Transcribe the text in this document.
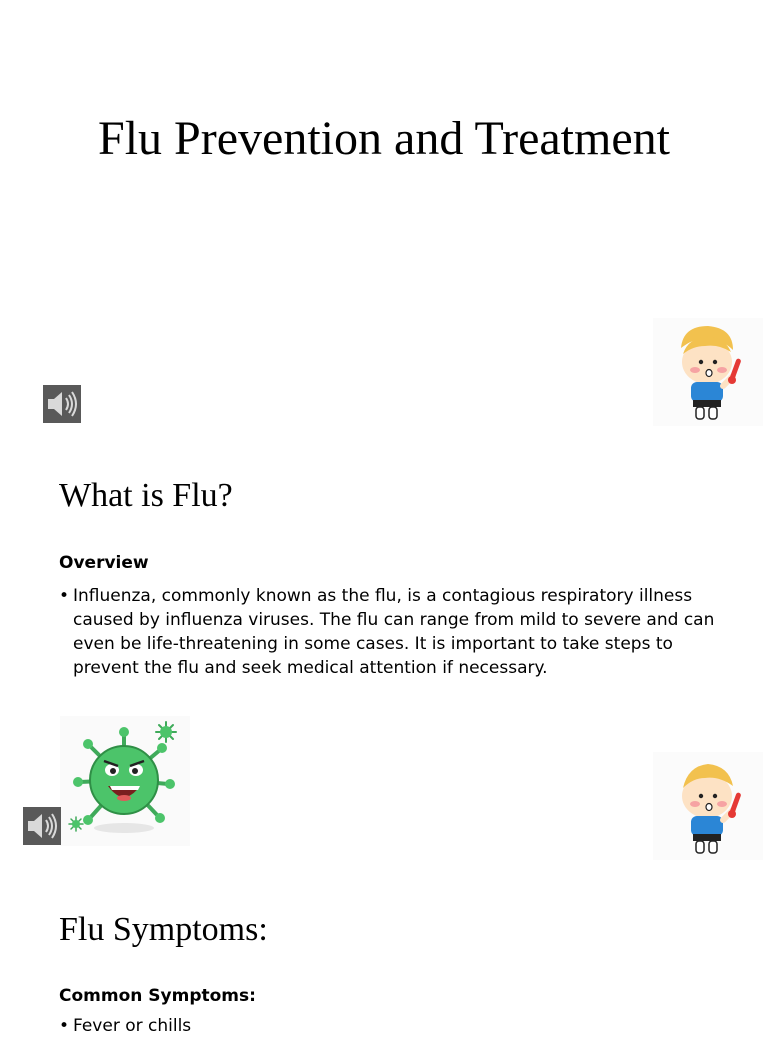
Flu Prevention and Treatment
What is Flu?
Overview
• Influenza, commonly known as the flu, is a contagious respiratory illness caused by influenza viruses. The flu can range from mild to severe and can even be life-threatening in some cases. It is important to take steps to prevent the flu and seek medical attention if necessary.
Flu Symptoms:
Common Symptoms:
• Fever or chills
